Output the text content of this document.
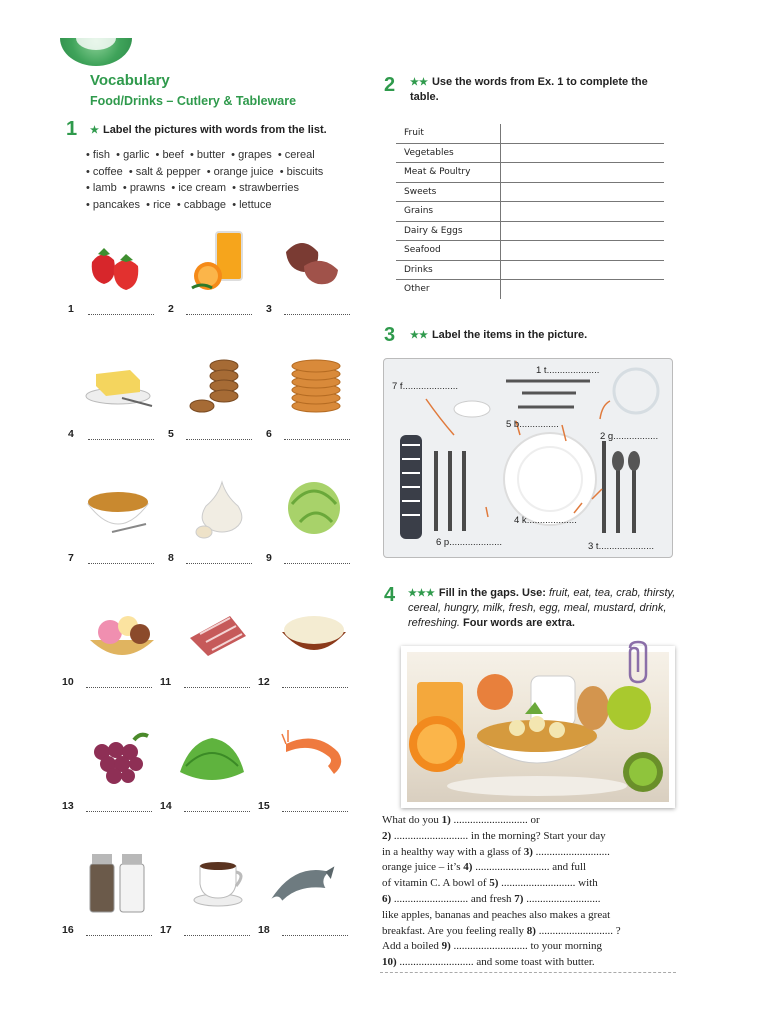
Vocabulary
Food/Drinks – Cutlery & Tableware
1 ★ Label the pictures with words from the list.
• fish • garlic • beef • butter • grapes • cereal
• coffee • salt & pepper • orange juice • biscuits
• lamb • prawns • ice cream • strawberries
• pancakes • rice • cabbage • lettuce
1	2	3
4	5	6
7	8	9
10	11	12
13	14	15
16	17	18
2 ★★ Use the words from Ex. 1 to complete the table.
Fruit	
Vegetables	
Meat & Poultry	
Sweets	
Grains	
Dairy & Eggs	
Seafood	
Drinks	
Other	
3 ★★ Label the items in the picture.
1 t....................
7 f.....................
5 b...............
2 g.................
4 k...................
6 p....................	3 t.....................
4 ★★★ Fill in the gaps. Use: fruit, eat, tea, crab, thirsty, cereal, hungry, milk, fresh, egg, meal, mustard, drink, refreshing. Four words are extra.
What do you 1) ........................... or
2) ........................... in the morning? Start your day
in a healthy way with a glass of 3) ...........................
orange juice – it’s 4) ........................... and full
of vitamin C. A bowl of 5) ........................... with
6) ........................... and fresh 7) ...........................
like apples, bananas and peaches also makes a great
breakfast. Are you feeling really 8) ........................... ?
Add a boiled 9) ........................... to your morning
10) ........................... and some toast with butter.
